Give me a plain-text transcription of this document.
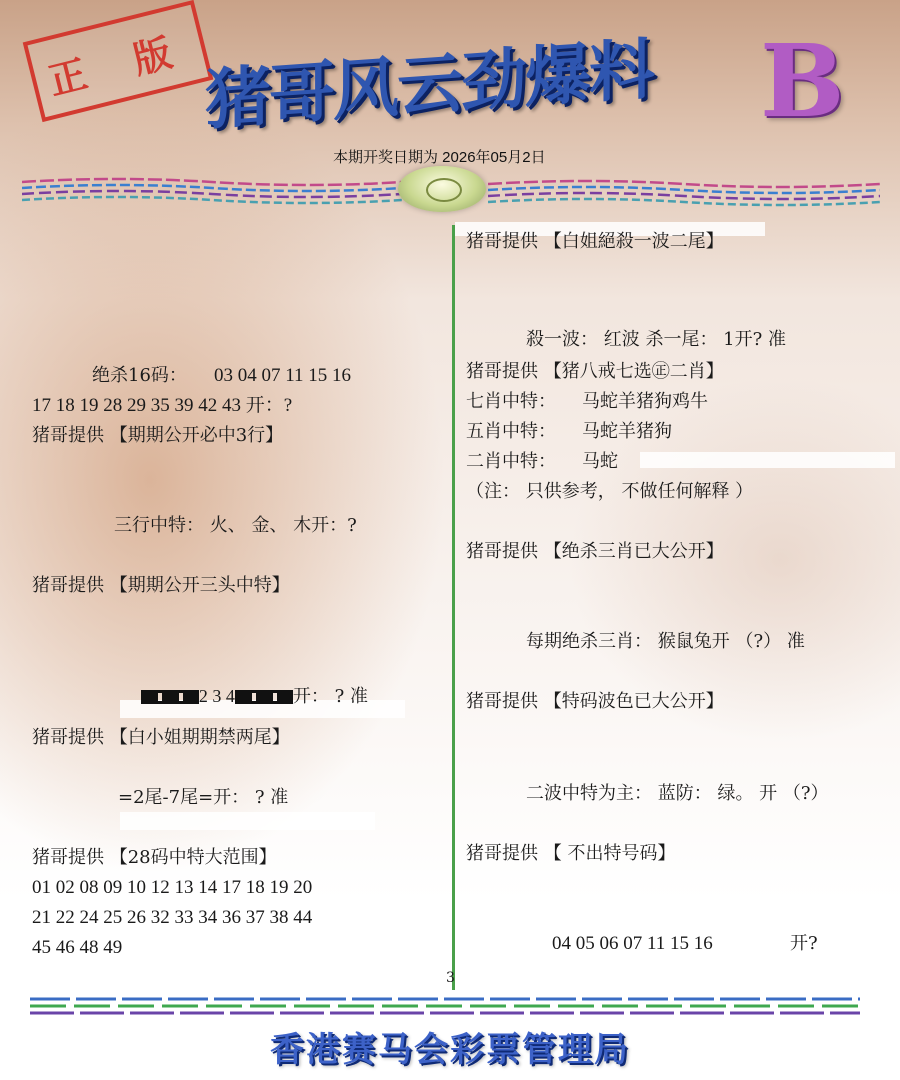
正 版 猪哥风云劲爆料	B
本期开奖日期为 2026年05月2日
绝杀16码： 03 04 07 11 15 16
17 18 19 28 29 35 39 42 43 开：?
猪哥提供 【期期公开必中3行】
三行中特： 火、 金、 木开：?
猪哥提供 【期期公开三头中特】

2 3 4	开： ? 准

猪哥提供 【白小姐期期禁两尾】
=2尾-7尾=开： ? 准
猪哥提供 【28码中特大范围】
01 02 08 09 10 12 13 14 17 18 19 20
21 22 24 25 26 32 33 34 36 37 38 44
45 46 48 49
猪哥提供 【白姐絕殺一波二尾】
殺一波： 红波 杀一尾： 1开? 准
猪哥提供 【猪八戒七选㊣二肖】
七肖中特： 马蛇羊猪狗鸡牛
五肖中特： 马蛇羊猪狗
二肖中特： 马蛇
（注： 只供参考， 不做任何解释 ）
猪哥提供 【绝杀三肖已大公开】
每期绝杀三肖： 猴鼠兔开 （?） 准
猪哥提供 【特码波色已大公开】
二波中特为主： 蓝防： 绿。 开 （?）
猪哥提供 【 不出特号码】
04 05 06 07 11 15 16	开?
3
香港赛马会彩票管理局
